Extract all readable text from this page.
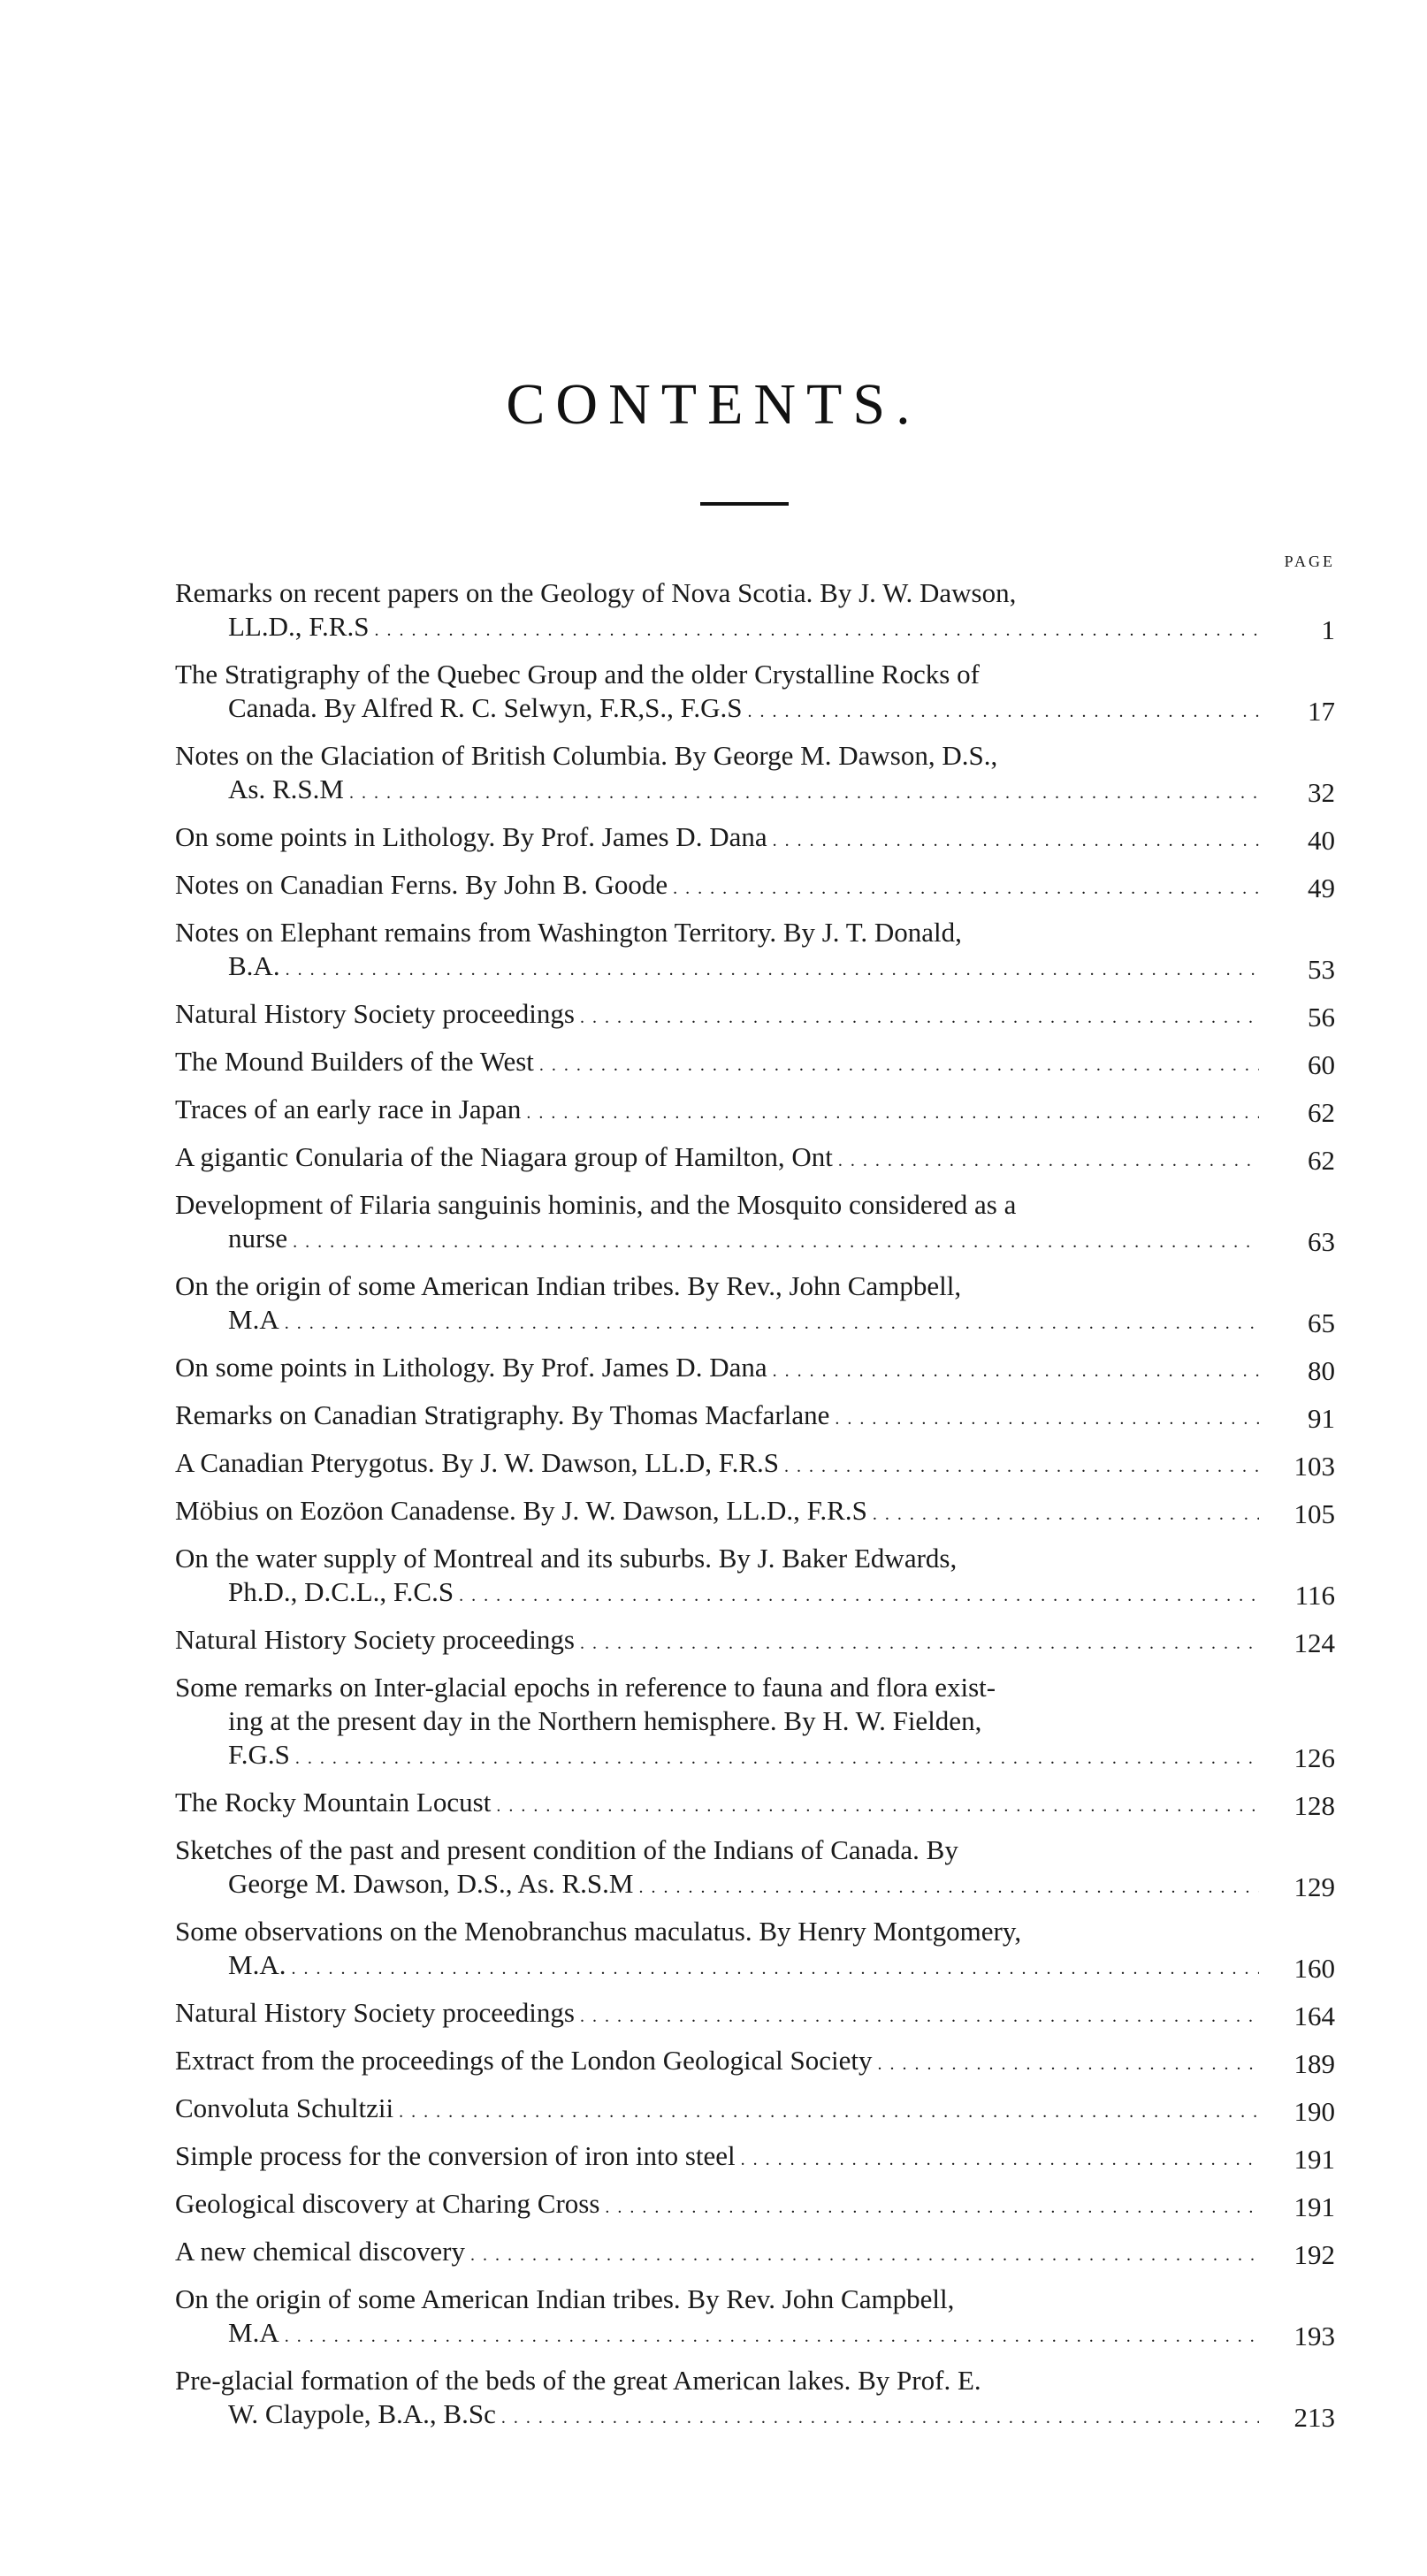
CONTENTS.
PAGE
Remarks on recent papers on the Geology of Nova Scotia. By J. W. Dawson,
LL.D., F.R.S . . .	1
The Stratigraphy of the Quebec Group and the older Crystalline Rocks of
Canada. By Alfred R. C. Selwyn, F.R,S., F.G.S . . .	17
Notes on the Glaciation of British Columbia. By George M. Dawson, D.S.,
As. R.S.M . . .	32
On some points in Lithology. By Prof. James D. Dana . . .	40
Notes on Canadian Ferns. By John B. Goode . . .	49
Notes on Elephant remains from Washington Territory. By J. T. Donald,
B.A. . . .	53
Natural History Society proceedings . . .	56
The Mound Builders of the West . . .	60
Traces of an early race in Japan . . .	62
A gigantic Conularia of the Niagara group of Hamilton, Ont . . .	62
Development of Filaria sanguinis hominis, and the Mosquito considered as a
nurse . . .	63
On the origin of some American Indian tribes. By Rev., John Campbell,
M.A . . .	65
On some points in Lithology. By Prof. James D. Dana . . .	80
Remarks on Canadian Stratigraphy. By Thomas Macfarlane . . .	91
A Canadian Pterygotus. By J. W. Dawson, LL.D, F.R.S . . .	103
Möbius on Eozöon Canadense. By J. W. Dawson, LL.D., F.R.S . . .	105
On the water supply of Montreal and its suburbs. By J. Baker Edwards,
Ph.D., D.C.L., F.C.S . . .	116
Natural History Society proceedings . . .	124
Some remarks on Inter-glacial epochs in reference to fauna and flora exist-
ing at the present day in the Northern hemisphere. By H. W. Fielden,
F.G.S . . .	126
The Rocky Mountain Locust . . .	128
Sketches of the past and present condition of the Indians of Canada. By
George M. Dawson, D.S., As. R.S.M . . .	129
Some observations on the Menobranchus maculatus. By Henry Montgomery,
M.A. . . .	160
Natural History Society proceedings . . .	164
Extract from the proceedings of the London Geological Society . . .	189
Convoluta Schultzii . . .	190
Simple process for the conversion of iron into steel . . .	191
Geological discovery at Charing Cross . . .	191
A new chemical discovery . . .	192
On the origin of some American Indian tribes. By Rev. John Campbell,
M.A . . .	193
Pre-glacial formation of the beds of the great American lakes. By Prof. E.
W. Claypole, B.A., B.Sc . . .	213
